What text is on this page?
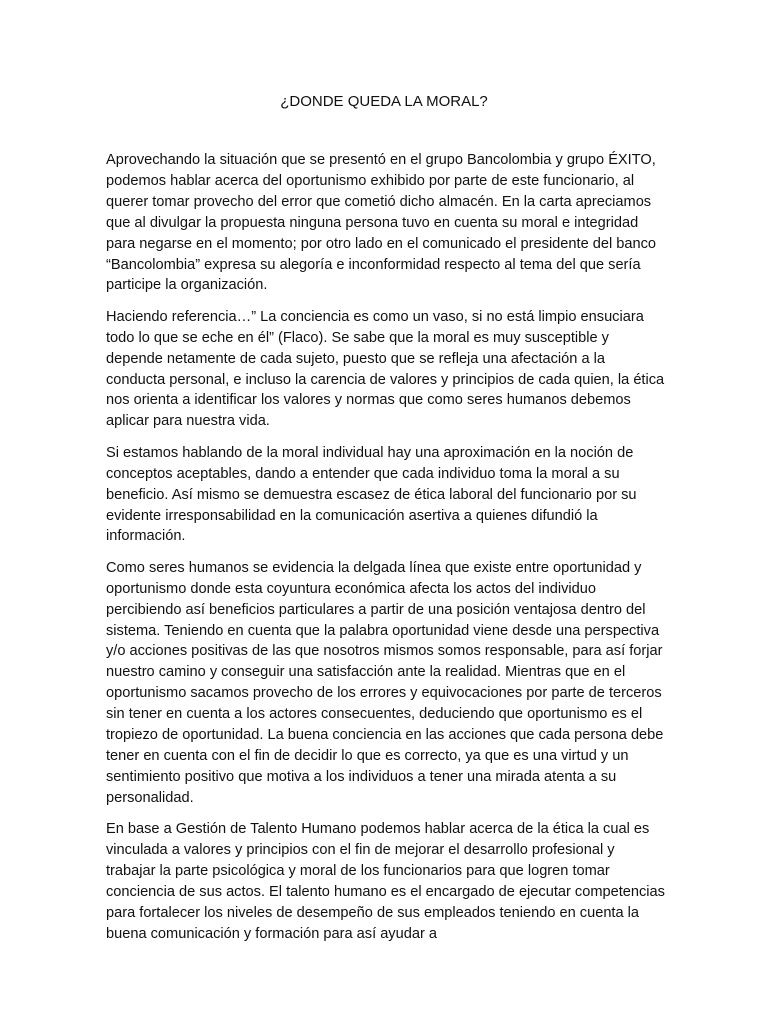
¿DONDE QUEDA LA MORAL?

Aprovechando la situación que se presentó en el grupo Bancolombia y grupo ÉXITO, podemos hablar acerca del oportunismo exhibido por parte de este funcionario, al querer tomar provecho del error que cometió dicho almacén. En la carta apreciamos que al divulgar la propuesta ninguna persona tuvo en cuenta su moral e integridad para negarse en el momento; por otro lado en el comunicado el presidente del banco “Bancolombia” expresa su alegoría e inconformidad respecto al tema del que sería participe la organización.

Haciendo referencia…” La conciencia es como un vaso, si no está limpio ensuciara todo lo que se eche en él” (Flaco). Se sabe que la moral es muy susceptible y depende netamente de cada sujeto, puesto que se refleja una afectación a la conducta personal, e incluso la carencia de valores y principios de cada quien, la ética nos orienta a identificar los valores y normas que como seres humanos debemos aplicar para nuestra vida.

Si estamos hablando de la moral individual hay una aproximación en la noción de conceptos aceptables, dando a entender que cada individuo toma la moral a su beneficio. Así mismo se demuestra escasez de ética laboral del funcionario por su evidente irresponsabilidad en la comunicación asertiva a quienes difundió la información.

Como seres humanos se evidencia la delgada línea que existe entre oportunidad y oportunismo donde esta coyuntura económica afecta los actos del individuo percibiendo así beneficios particulares a partir de una posición ventajosa dentro del sistema. Teniendo en cuenta que la palabra oportunidad viene desde una perspectiva y/o acciones positivas de las que nosotros mismos somos responsable, para así forjar nuestro camino y conseguir una satisfacción ante la realidad. Mientras que en el oportunismo sacamos provecho de los errores y equivocaciones por parte de terceros sin tener en cuenta a los actores consecuentes, deduciendo que oportunismo es el tropiezo de oportunidad. La buena conciencia en las acciones que cada persona debe tener en cuenta con el fin de decidir lo que es correcto, ya que es una virtud y un sentimiento positivo que motiva a los individuos a tener una mirada atenta a su personalidad.

En base a Gestión de Talento Humano podemos hablar acerca de la ética la cual es vinculada a valores y principios con el fin de mejorar el desarrollo profesional y trabajar la parte psicológica y moral de los funcionarios para que logren tomar conciencia de sus actos. El talento humano es el encargado de ejecutar competencias para fortalecer los niveles de desempeño de sus empleados teniendo en cuenta la buena comunicación y formación para así ayudar a
